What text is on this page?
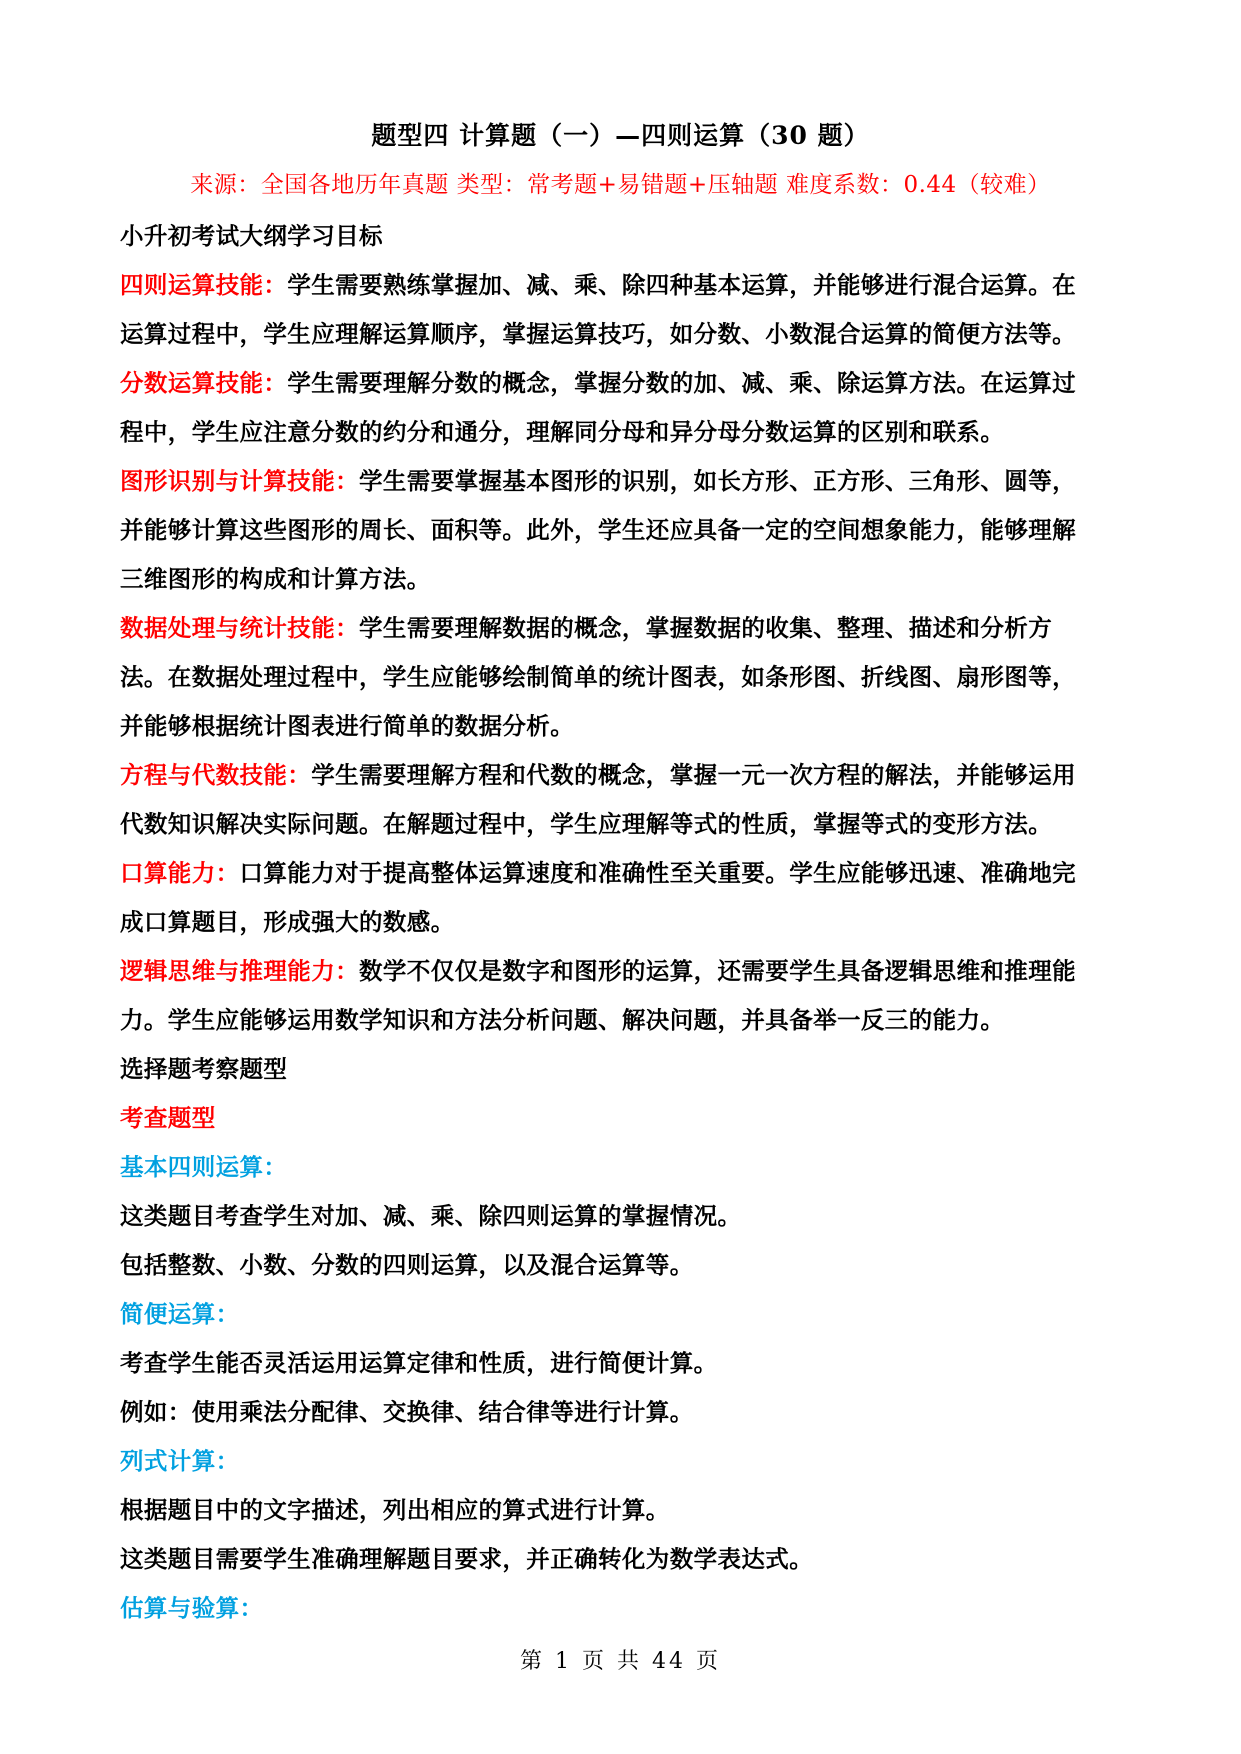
题型四 计算题（一）—四则运算（30 题）
来源：全国各地历年真题 类型：常考题+易错题+压轴题 难度系数：0.44（较难）
小升初考试大纲学习目标
四则运算技能：学生需要熟练掌握加、减、乘、除四种基本运算，并能够进行混合运算。在
运算过程中，学生应理解运算顺序，掌握运算技巧，如分数、小数混合运算的简便方法等。
分数运算技能：学生需要理解分数的概念，掌握分数的加、减、乘、除运算方法。在运算过
程中，学生应注意分数的约分和通分，理解同分母和异分母分数运算的区别和联系。
图形识别与计算技能：学生需要掌握基本图形的识别，如长方形、正方形、三角形、圆等，
并能够计算这些图形的周长、面积等。此外，学生还应具备一定的空间想象能力，能够理解
三维图形的构成和计算方法。
数据处理与统计技能：学生需要理解数据的概念，掌握数据的收集、整理、描述和分析方
法。在数据处理过程中，学生应能够绘制简单的统计图表，如条形图、折线图、扇形图等，
并能够根据统计图表进行简单的数据分析。
方程与代数技能：学生需要理解方程和代数的概念，掌握一元一次方程的解法，并能够运用
代数知识解决实际问题。在解题过程中，学生应理解等式的性质，掌握等式的变形方法。
口算能力：口算能力对于提高整体运算速度和准确性至关重要。学生应能够迅速、准确地完
成口算题目，形成强大的数感。
逻辑思维与推理能力：数学不仅仅是数字和图形的运算，还需要学生具备逻辑思维和推理能
力。学生应能够运用数学知识和方法分析问题、解决问题，并具备举一反三的能力。
选择题考察题型
考查题型
基本四则运算：
这类题目考查学生对加、减、乘、除四则运算的掌握情况。
包括整数、小数、分数的四则运算，以及混合运算等。
简便运算：
考查学生能否灵活运用运算定律和性质，进行简便计算。
例如：使用乘法分配律、交换律、结合律等进行计算。
列式计算：
根据题目中的文字描述，列出相应的算式进行计算。
这类题目需要学生准确理解题目要求，并正确转化为数学表达式。
估算与验算：
第 1 页 共 44 页
